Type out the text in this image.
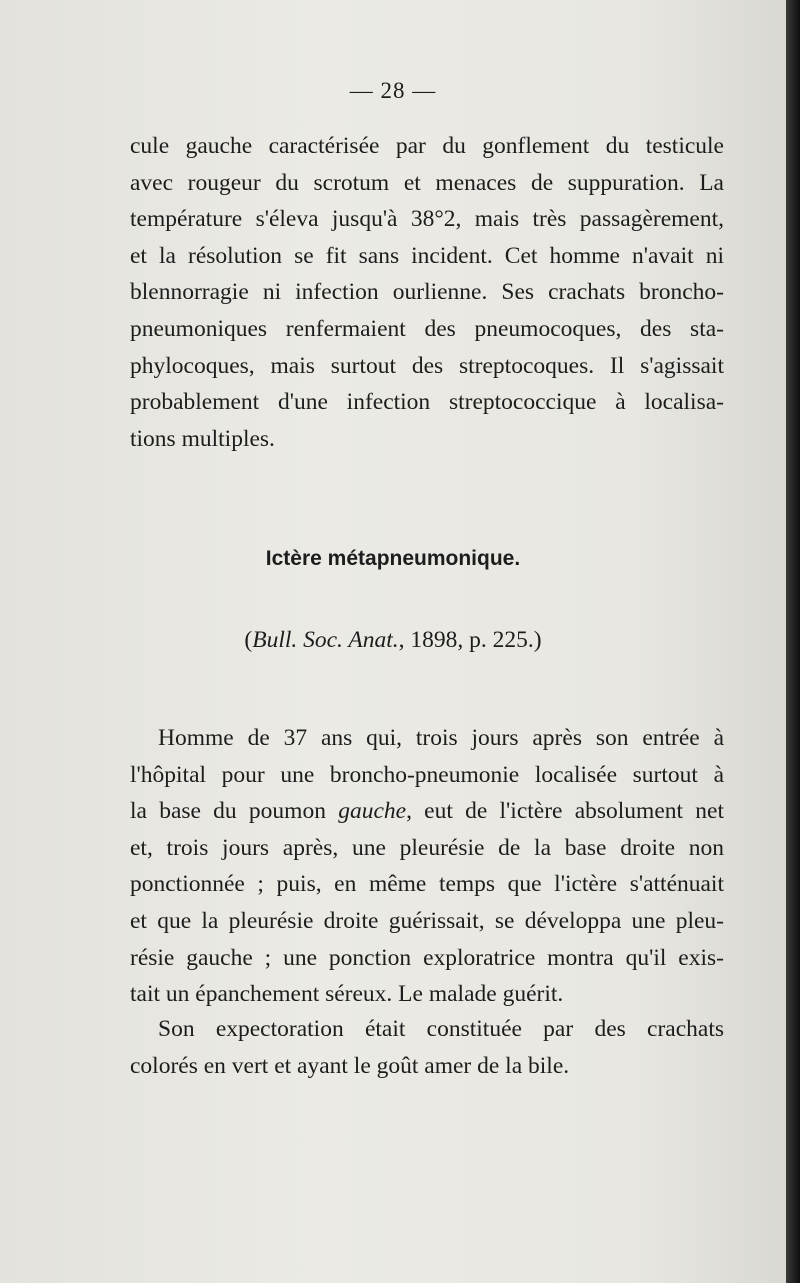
— 28 —
cule gauche caractérisée par du gonflement du testicule
avec rougeur du scrotum et menaces de suppuration. La
température s'éleva jusqu'à 38°2, mais très passagèrement,
et la résolution se fit sans incident. Cet homme n'avait ni
blennorragie ni infection ourlienne. Ses crachats broncho-
pneumoniques renfermaient des pneumocoques, des sta-
phylocoques, mais surtout des streptocoques. Il s'agissait
probablement d'une infection streptococcique à localisa-
tions multiples.
Ictère métapneumonique.
(Bull. Soc. Anat., 1898, p. 225.)
Homme de 37 ans qui, trois jours après son entrée à
l'hôpital pour une broncho-pneumonie localisée surtout à
la base du poumon gauche, eut de l'ictère absolument net
et, trois jours après, une pleurésie de la base droite non
ponctionnée ; puis, en même temps que l'ictère s'atténuait
et que la pleurésie droite guérissait, se développa une pleu-
résie gauche ; une ponction exploratrice montra qu'il exis-
tait un épanchement séreux. Le malade guérit.
Son expectoration était constituée par des crachats
colorés en vert et ayant le goût amer de la bile.
